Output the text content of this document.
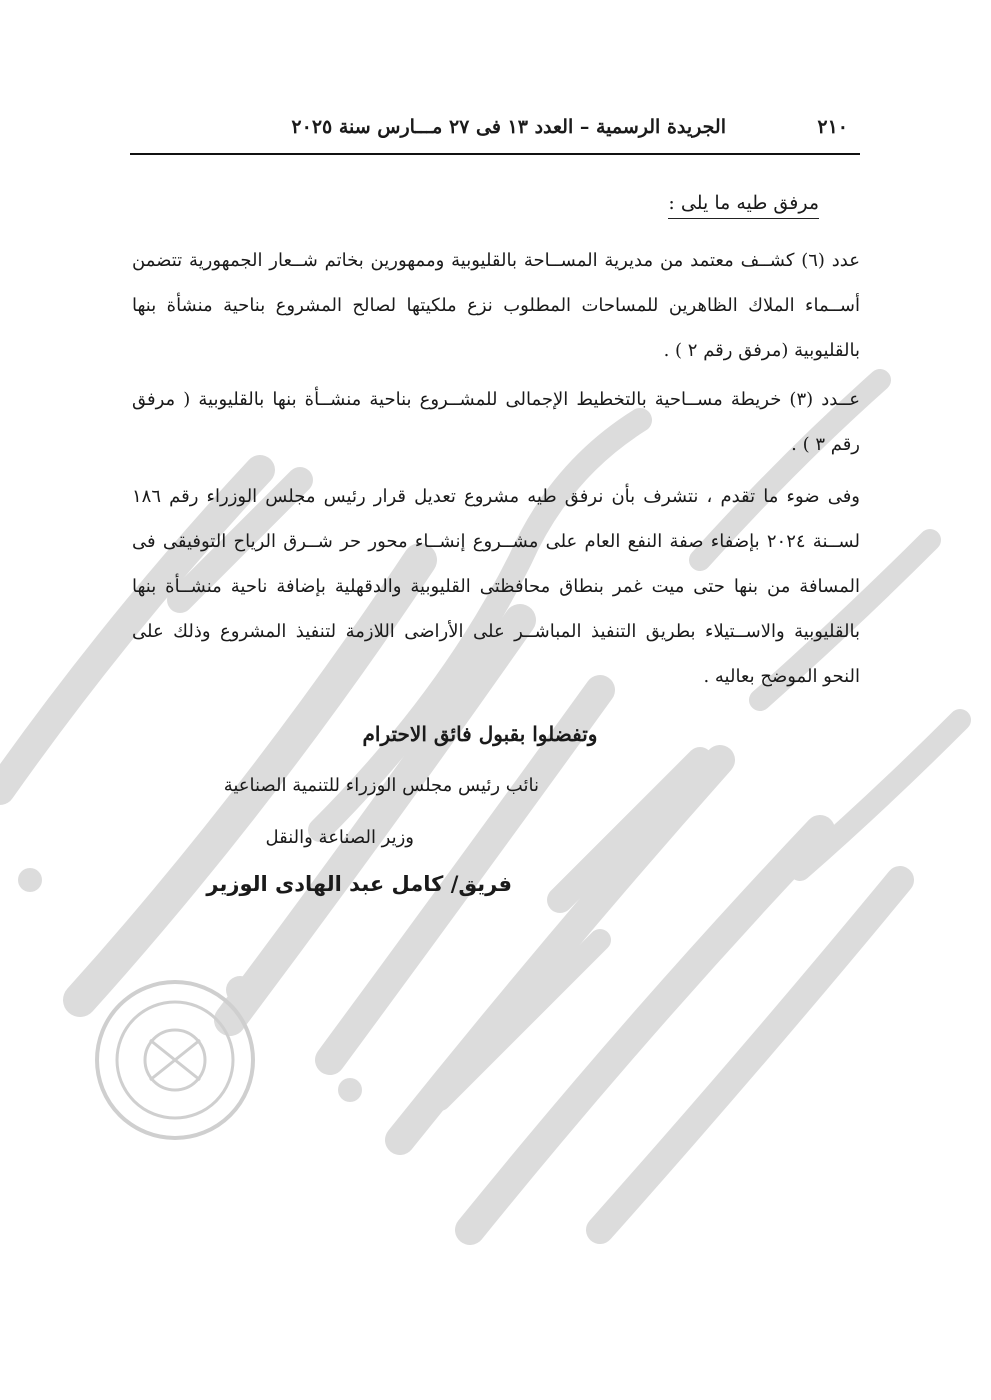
٢١٠
الجريدة الرسمية – العدد ١٣ فى ٢٧ مـــارس سنة ٢٠٢٥
مرفق طيه ما يلى :
عدد (٦) كشــف معتمد من مديرية المســاحة بالقليوبية وممهورين بخاتم شــعار الجمهورية تتضمن أســماء الملاك الظاهرين للمساحات المطلوب نزع ملكيتها لصالح المشروع بناحية منشأة بنها بالقليوبية (مرفق رقم ٢ ) .
عــدد (٣) خريطة مســاحية بالتخطيط الإجمالى للمشــروع بناحية منشــأة بنها بالقليوبية ( مرفق رقم ٣ ) .
وفى ضوء ما تقدم ، نتشرف بأن نرفق طيه مشروع تعديل قرار رئيس مجلس الوزراء رقم ١٨٦ لســنة ٢٠٢٤ بإضفاء صفة النفع العام على مشــروع إنشــاء محور حر شــرق الرياح التوفيقى فى المسافة من بنها حتى ميت غمر بنطاق محافظتى القليوبية والدقهلية بإضافة ناحية منشــأة بنها بالقليوبية والاســتيلاء بطريق التنفيذ المباشــر على الأراضى اللازمة لتنفيذ المشروع وذلك على النحو الموضح بعاليه .
وتفضلوا بقبول فائق الاحترام
نائب رئيس مجلس الوزراء للتنمية الصناعية
وزير الصناعة والنقل
فريق/ كامل عبد الهادى الوزير
